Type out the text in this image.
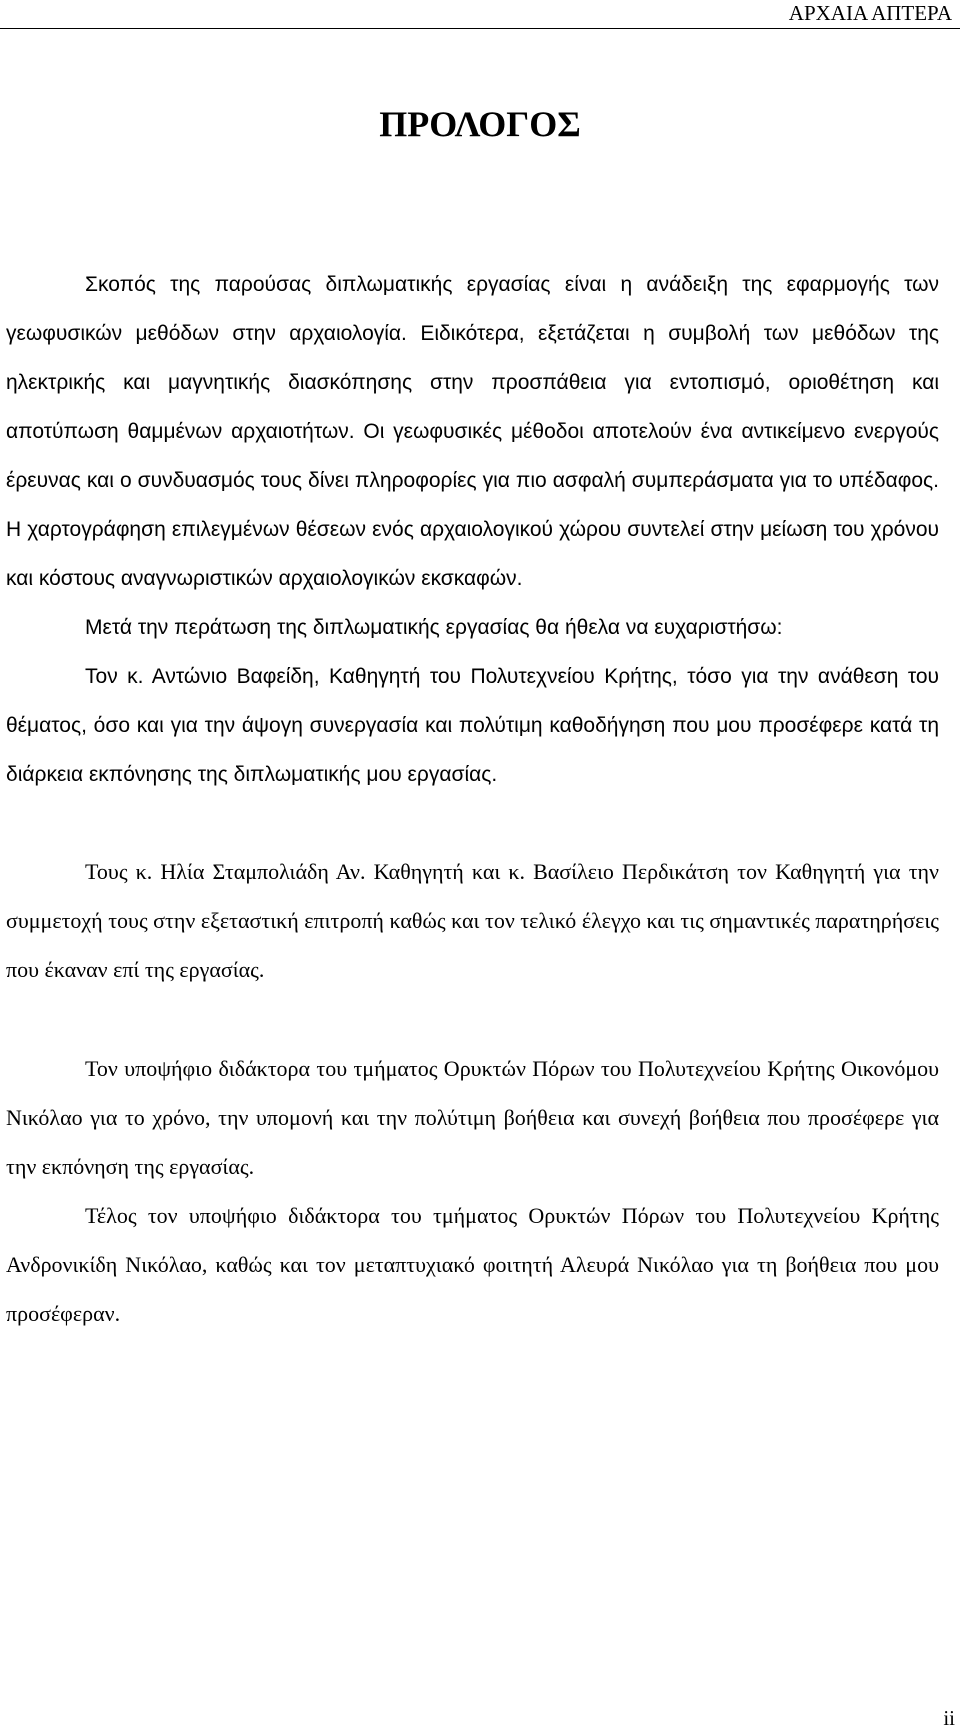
ΑΡΧΑΙΑ ΑΠΤΕΡΑ
ΠΡΟΛΟΓΟΣ

Σκοπός της παρούσας διπλωματικής εργασίας είναι η ανάδειξη της εφαρμογής των γεωφυσικών μεθόδων στην αρχαιολογία. Ειδικότερα, εξετάζεται η συμβολή των μεθόδων της ηλεκτρικής και μαγνητικής διασκόπησης στην προσπάθεια για εντοπισμό, οριοθέτηση και αποτύπωση θαμμένων αρχαιοτήτων. Οι γεωφυσικές μέθοδοι αποτελούν ένα αντικείμενο ενεργούς έρευνας και ο συνδυασμός τους δίνει πληροφορίες για πιο ασφαλή συμπεράσματα για το υπέδαφος. Η χαρτογράφηση επιλεγμένων θέσεων ενός αρχαιολογικού χώρου συντελεί στην μείωση του χρόνου και κόστους αναγνωριστικών αρχαιολογικών εκσκαφών.

Μετά την περάτωση της διπλωματικής εργασίας θα ήθελα να ευχαριστήσω:

Τον κ. Αντώνιο Βαφείδη, Καθηγητή του Πολυτεχνείου Κρήτης, τόσο για την ανάθεση του θέματος, όσο και για την άψογη συνεργασία και πολύτιμη καθοδήγηση που μου προσέφερε κατά τη διάρκεια εκπόνησης της διπλωματικής μου εργασίας.

Τους κ. Ηλία Σταμπολιάδη Αν. Καθηγητή και κ. Βασίλειο Περδικάτση τον Καθηγητή για την συμμετοχή τους στην εξεταστική επιτροπή καθώς και τον τελικό έλεγχο και τις σημαντικές παρατηρήσεις που έκαναν επί της εργασίας.

Τον υποψήφιο διδάκτορα του τμήματος Ορυκτών Πόρων του Πολυτεχνείου Κρήτης Οικονόμου Νικόλαο για το χρόνο, την υπομονή και την πολύτιμη βοήθεια και συνεχή βοήθεια που προσέφερε για την εκπόνηση της εργασίας.

Τέλος τον υποψήφιο διδάκτορα του τμήματος Ορυκτών Πόρων του Πολυτεχνείου Κρήτης Ανδρονικίδη Νικόλαο, καθώς και τον μεταπτυχιακό φοιτητή Αλευρά Νικόλαο για τη βοήθεια που μου προσέφεραν.

ii
